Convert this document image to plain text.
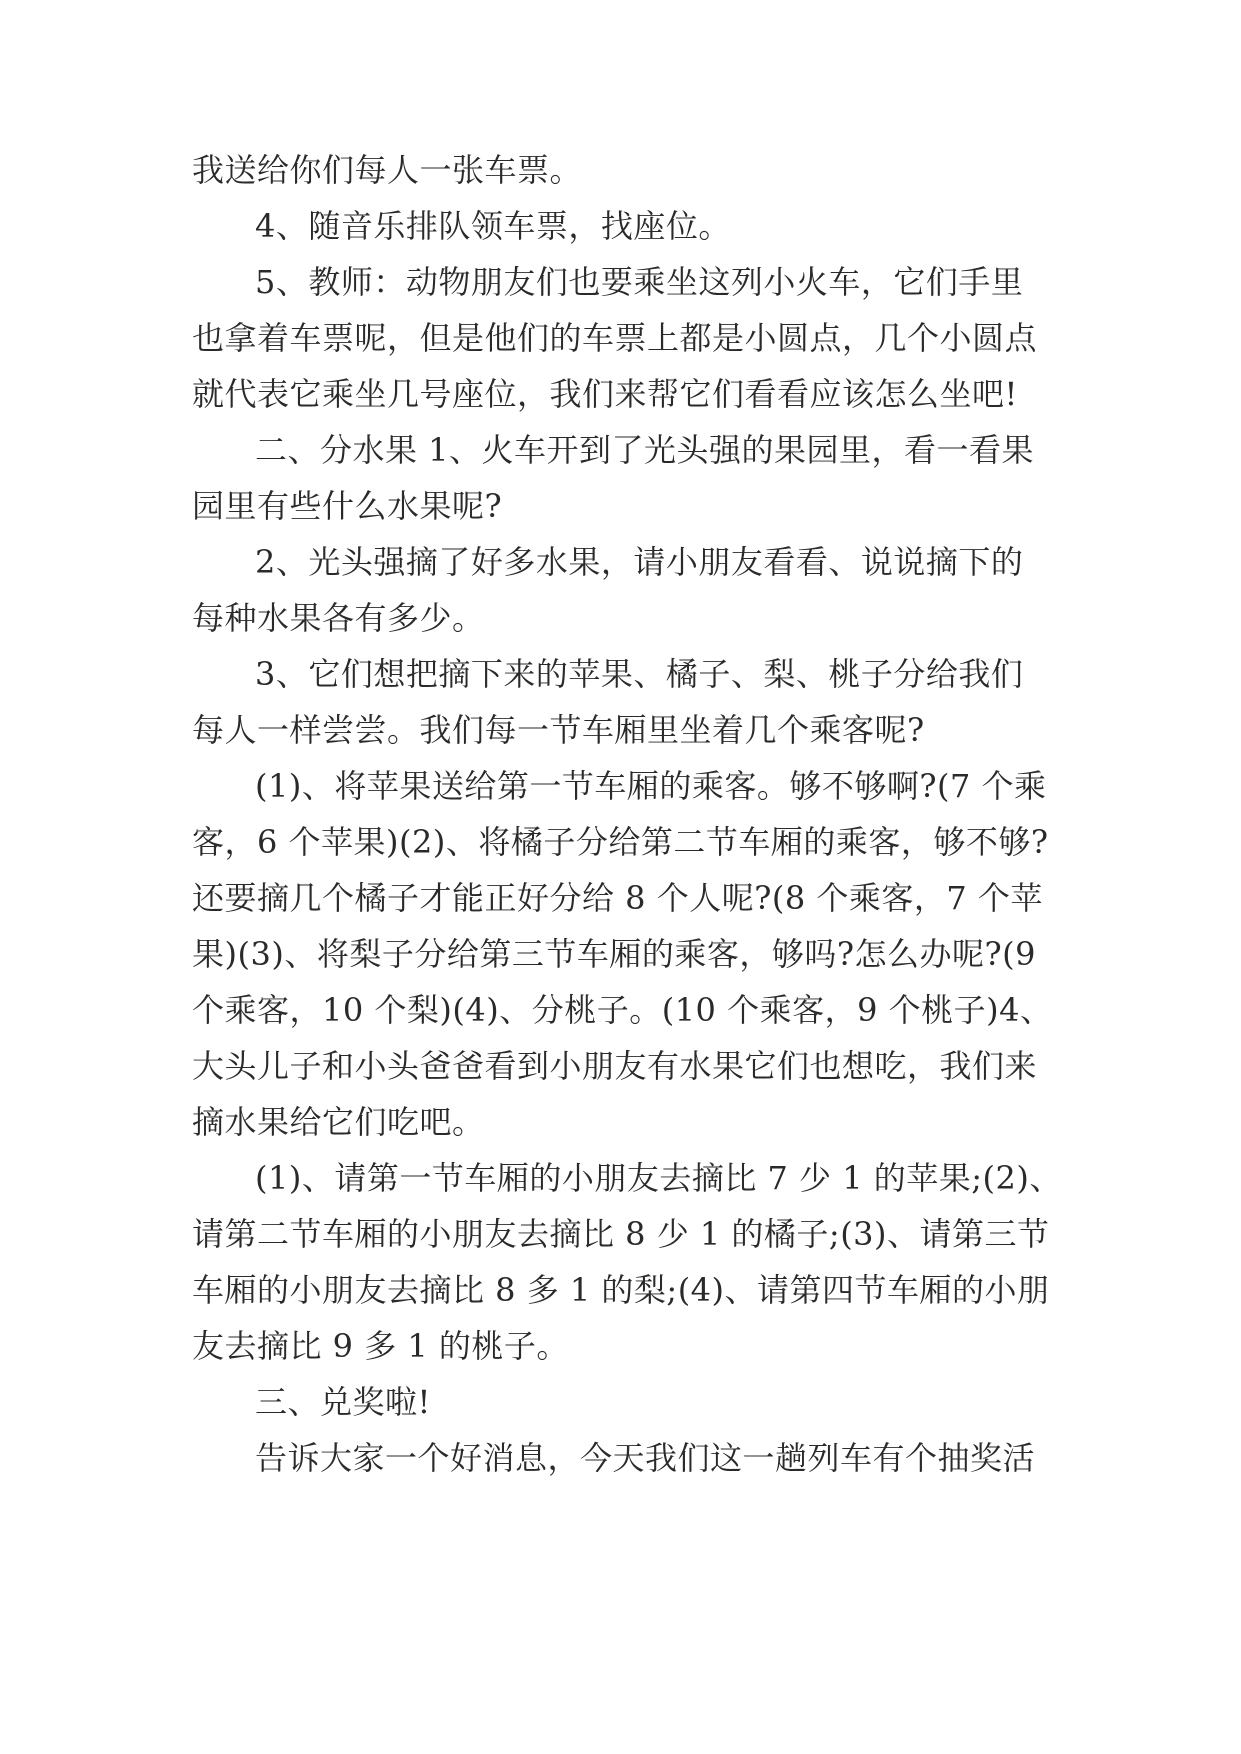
我送给你们每人一张车票。
4、随音乐排队领车票，找座位。
5、教师：动物朋友们也要乘坐这列小火车，它们手里
也拿着车票呢，但是他们的车票上都是小圆点，几个小圆点
就代表它乘坐几号座位，我们来帮它们看看应该怎么坐吧!
二、分水果 1、火车开到了光头强的果园里，看一看果
园里有些什么水果呢?
2、光头强摘了好多水果，请小朋友看看、说说摘下的
每种水果各有多少。
3、它们想把摘下来的苹果、橘子、梨、桃子分给我们
每人一样尝尝。我们每一节车厢里坐着几个乘客呢?
(1)、将苹果送给第一节车厢的乘客。够不够啊?(7 个乘
客，6 个苹果)(2)、将橘子分给第二节车厢的乘客，够不够?
还要摘几个橘子才能正好分给 8 个人呢?(8 个乘客，7 个苹
果)(3)、将梨子分给第三节车厢的乘客，够吗?怎么办呢?(9
个乘客，10 个梨)(4)、分桃子。(10 个乘客，9 个桃子)4、
大头儿子和小头爸爸看到小朋友有水果它们也想吃，我们来
摘水果给它们吃吧。
(1)、请第一节车厢的小朋友去摘比 7 少 1 的苹果;(2)、
请第二节车厢的小朋友去摘比 8 少 1 的橘子;(3)、请第三节
车厢的小朋友去摘比 8 多 1 的梨;(4)、请第四节车厢的小朋
友去摘比 9 多 1 的桃子。
三、兑奖啦!
告诉大家一个好消息，今天我们这一趟列车有个抽奖活
